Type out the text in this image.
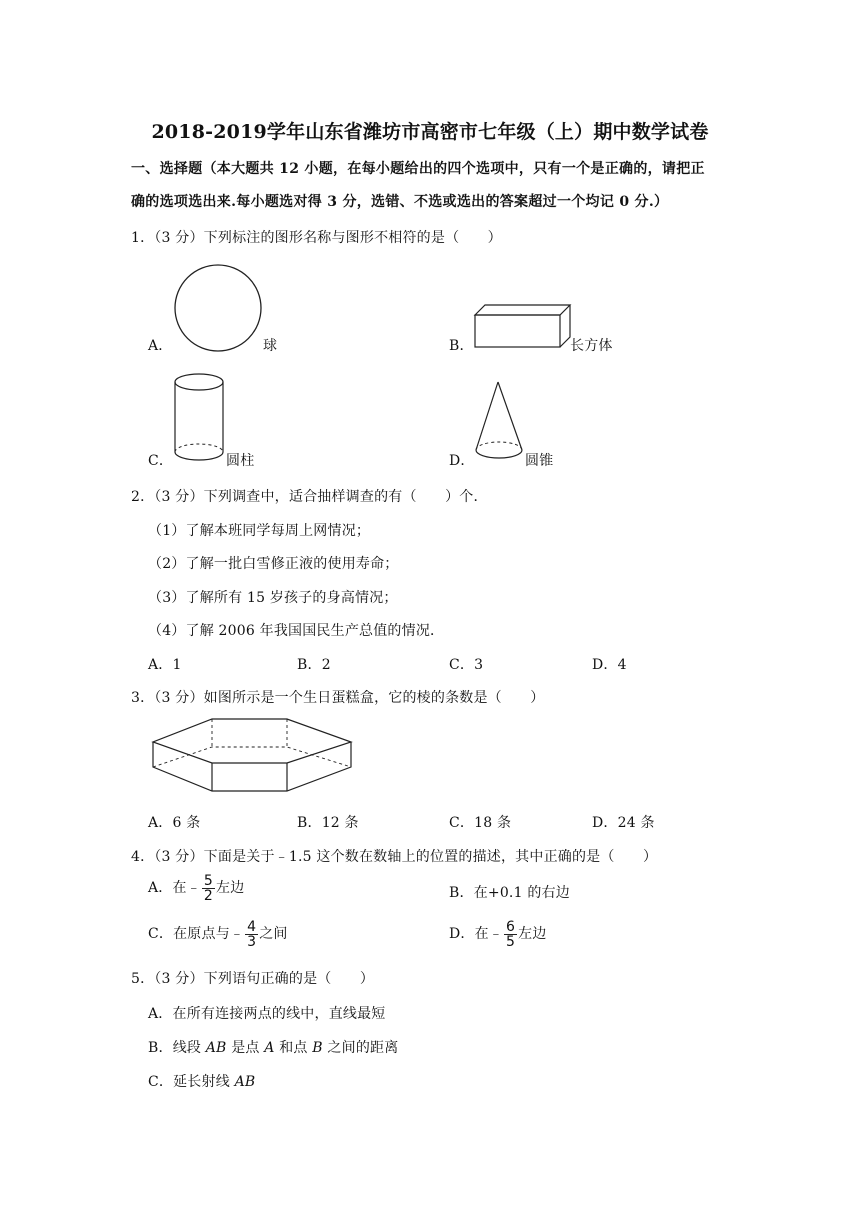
2018-2019学年山东省潍坊市高密市七年级（上）期中数学试卷
一、选择题（本大题共 12 小题，在每小题给出的四个选项中，只有一个是正确的，请把正
确的选项选出来.每小题选对得 3 分，选错、不选或选出的答案超过一个均记 0 分.）
1．（3 分）下列标注的图形名称与图形不相符的是（　　）
A．	球	B．	长方体
C．	圆柱	D．	圆锥
2．（3 分）下列调查中，适合抽样调查的有（　　）个．
（1）了解本班同学每周上网情况；
（2）了解一批白雪修正液的使用寿命；
（3）了解所有 15 岁孩子的身高情况；
（4）了解 2006 年我国国民生产总值的情况．
A．1	B．2	C．3	D．4
3．（3 分）如图所示是一个生日蛋糕盒，它的棱的条数是（　　）
A．6 条	B．12 条	C．18 条	D．24 条
4．（3 分）下面是关于﹣1.5 这个数在数轴上的位置的描述，其中正确的是（　　）
A．在﹣ $\frac{5}{2}$ 左边	B．在+0.1 的右边
C．在原点与﹣ $\frac{4}{3}$ 之间	D．在﹣ $\frac{6}{5}$ 左边
5．（3 分）下列语句正确的是（　　）
A．在所有连接两点的线中，直线最短
B．线段 AB 是点 A 和点 B 之间的距离
C．延长射线 AB
